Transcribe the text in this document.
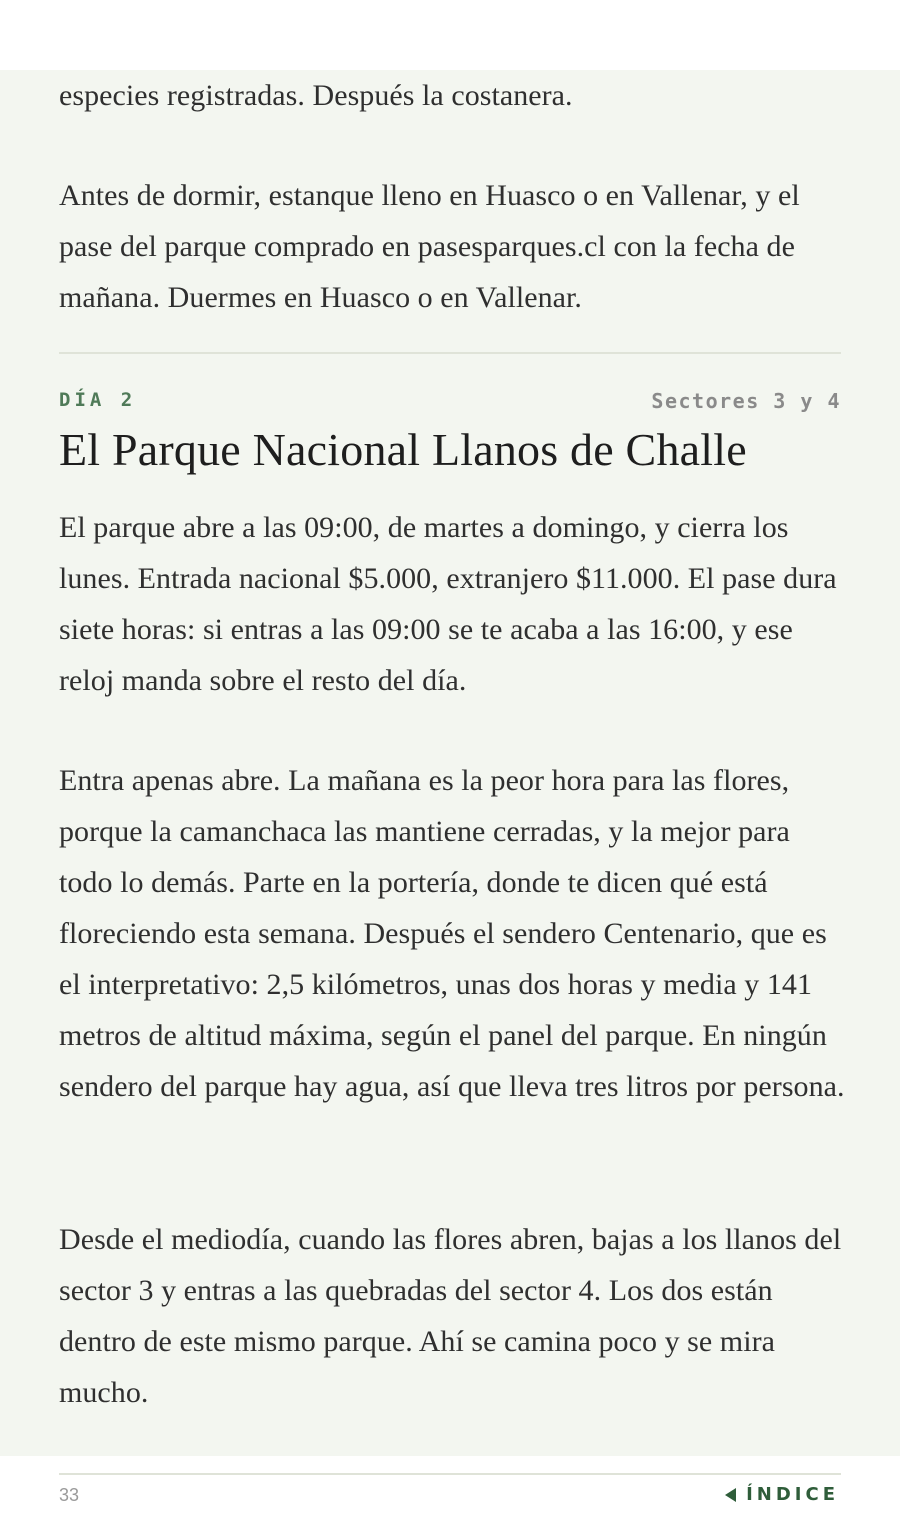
especies registradas. Después la costanera.

Antes de dormir, estanque lleno en Huasco o en Vallenar, y el pase del parque comprado en pasesparques.cl con la fecha de mañana. Duermes en Huasco o en Vallenar.

DÍA 2	Sectores 3 y 4
El Parque Nacional Llanos de Challe

El parque abre a las 09:00, de martes a domingo, y cierra los lunes. Entrada nacional $5.000, extranjero $11.000. El pase dura siete horas: si entras a las 09:00 se te acaba a las 16:00, y ese reloj manda sobre el resto del día.

Entra apenas abre. La mañana es la peor hora para las flores, porque la camanchaca las mantiene cerradas, y la mejor para todo lo demás. Parte en la portería, donde te dicen qué está floreciendo esta semana. Después el sendero Centenario, que es el interpretativo: 2,5 kilómetros, unas dos horas y media y 141 metros de altitud máxima, según el panel del parque. En ningún sendero del parque hay agua, así que lleva tres litros por persona.

Desde el mediodía, cuando las flores abren, bajas a los llanos del sector 3 y entras a las quebradas del sector 4. Los dos están dentro de este mismo parque. Ahí se camina poco y se mira mucho.

33	ÍNDICE
